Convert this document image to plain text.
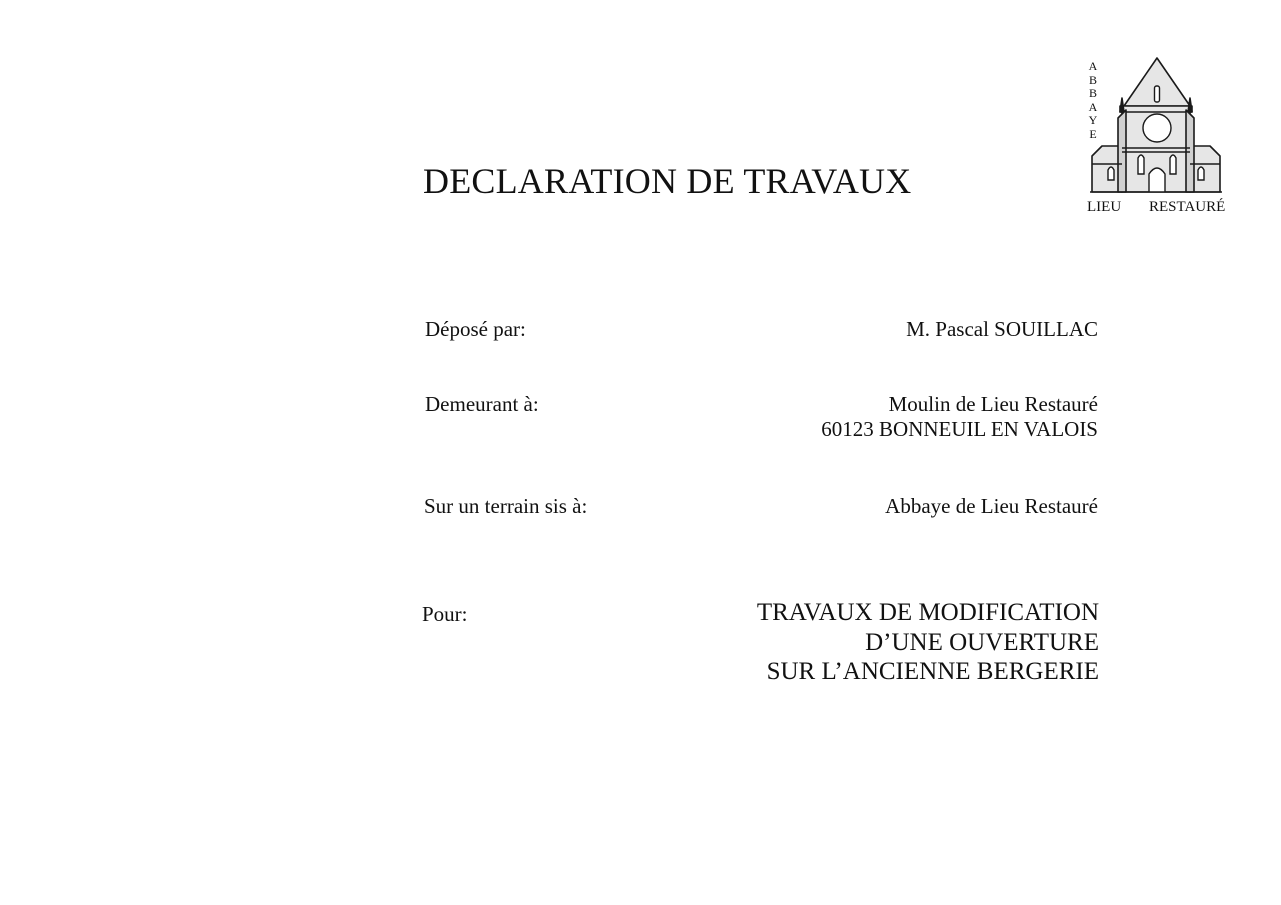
DECLARATION DE TRAVAUX
A
B
B
A
Y
E
LIEU RESTAURÉ
Déposé par:	M. Pascal SOUILLAC
Demeurant à:	Moulin de Lieu Restauré
60123 BONNEUIL EN VALOIS
Sur un terrain sis à:	Abbaye de Lieu Restauré
Pour:	TRAVAUX DE MODIFICATION
D’UNE OUVERTURE
SUR L’ANCIENNE BERGERIE
